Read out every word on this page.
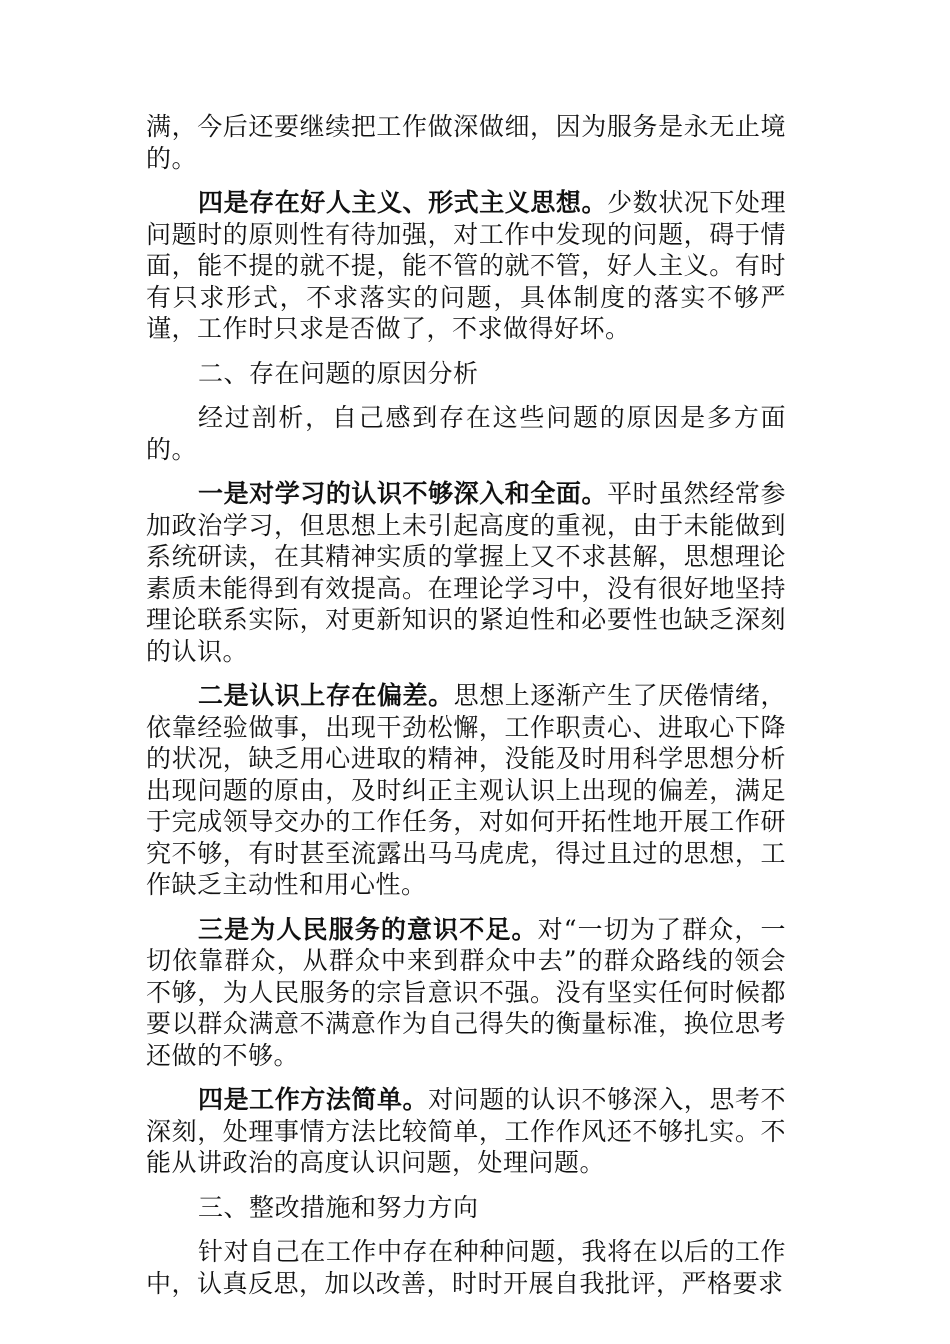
满，今后还要继续把工作做深做细，因为服务是永无止境的。

四是存在好人主义、形式主义思想。少数状况下处理问题时的原则性有待加强，对工作中发现的问题，碍于情面，能不提的就不提，能不管的就不管，好人主义。有时有只求形式，不求落实的问题，具体制度的落实不够严谨，工作时只求是否做了，不求做得好坏。

二、存在问题的原因分析

经过剖析，自己感到存在这些问题的原因是多方面的。

一是对学习的认识不够深入和全面。平时虽然经常参加政治学习，但思想上未引起高度的重视，由于未能做到系统研读，在其精神实质的掌握上又不求甚解，思想理论素质未能得到有效提高。在理论学习中，没有很好地坚持理论联系实际，对更新知识的紧迫性和必要性也缺乏深刻的认识。

二是认识上存在偏差。思想上逐渐产生了厌倦情绪，依靠经验做事，出现干劲松懈，工作职责心、进取心下降的状况，缺乏用心进取的精神，没能及时用科学思想分析出现问题的原由，及时纠正主观认识上出现的偏差，满足于完成领导交办的工作任务，对如何开拓性地开展工作研究不够，有时甚至流露出马马虎虎，得过且过的思想，工作缺乏主动性和用心性。

三是为人民服务的意识不足。对“一切为了群众，一切依靠群众，从群众中来到群众中去”的群众路线的领会不够，为人民服务的宗旨意识不强。没有坚实任何时候都要以群众满意不满意作为自己得失的衡量标准，换位思考还做的不够。

四是工作方法简单。对问题的认识不够深入，思考不深刻，处理事情方法比较简单，工作作风还不够扎实。不能从讲政治的高度认识问题，处理问题。

三、整改措施和努力方向

针对自己在工作中存在种种问题，我将在以后的工作中，认真反思，加以改善，时时开展自我批评，严格要求
